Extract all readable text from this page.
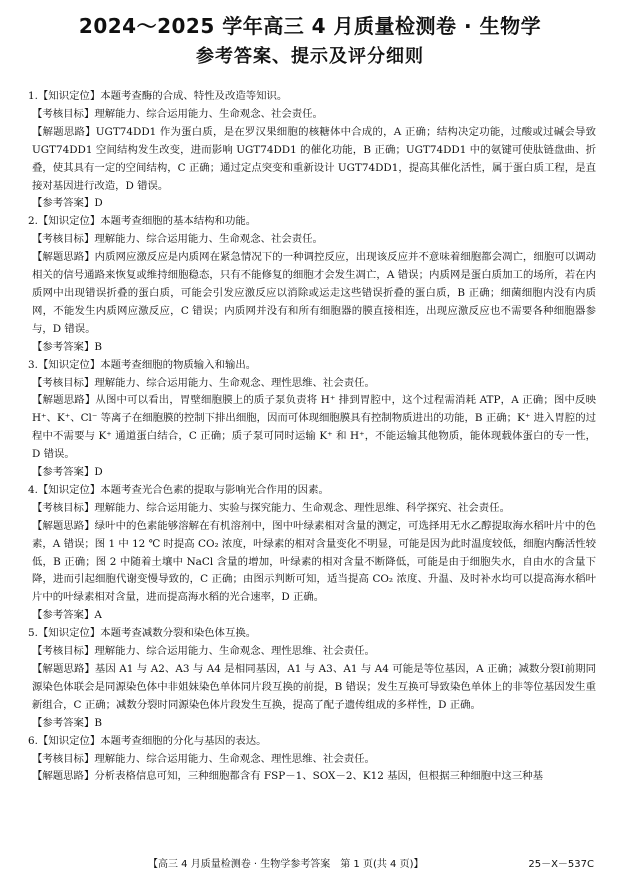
2024～2025 学年高三 4 月质量检测卷 · 生物学
参考答案、提示及评分细则

1.【知识定位】本题考查酶的合成、特性及改造等知识。

【考核目标】理解能力、综合运用能力、生命观念、社会责任。

【解题思路】UGT74DD1 作为蛋白质，是在罗汉果细胞的核糖体中合成的，A 正确；结构决定功能，过酸或过碱会导致 UGT74DD1 空间结构发生改变，进而影响 UGT74DD1 的催化功能，B 正确；UGT74DD1 中的氨键可使肽链盘曲、折叠，使其具有一定的空间结构，C 正确；通过定点突变和重新设计 UGT74DD1，提高其催化活性，属于蛋白质工程，是直接对基因进行改造，D 错误。

【参考答案】D

2.【知识定位】本题考查细胞的基本结构和功能。

【考核目标】理解能力、综合运用能力、生命观念、社会责任。

【解题思路】内质网应激反应是内质网在紧急情况下的一种调控反应，出现该反应并不意味着细胞都会凋亡，细胞可以调动相关的信号通路来恢复或维持细胞稳态，只有不能修复的细胞才会发生凋亡，A 错误；内质网是蛋白质加工的场所，若在内质网中出现错误折叠的蛋白质，可能会引发应激反应以消除或运走这些错误折叠的蛋白质，B 正确；细菌细胞内没有内质网，不能发生内质网应激反应，C 错误；内质网并没有和所有细胞器的膜直接相连，出现应激反应也不需要各种细胞器参与，D 错误。

【参考答案】B

3.【知识定位】本题考查细胞的物质输入和输出。

【考核目标】理解能力、综合运用能力、生命观念、理性思维、社会责任。

【解题思路】从图中可以看出，胃壁细胞膜上的质子泵负责将 H⁺ 排到胃腔中，这个过程需消耗 ATP，A 正确；图中反映 H⁺、K⁺、Cl⁻ 等离子在细胞膜的控制下排出细胞，因而可体现细胞膜具有控制物质进出的功能，B 正确；K⁺ 进入胃腔的过程中不需要与 K⁺ 通道蛋白结合，C 正确；质子泵可同时运输 K⁺ 和 H⁺，不能运输其他物质，能体现载体蛋白的专一性，D 错误。

【参考答案】D

4.【知识定位】本题考查光合色素的提取与影响光合作用的因素。

【考核目标】理解能力、综合运用能力、实验与探究能力、生命观念、理性思维、科学探究、社会责任。

【解题思路】绿叶中的色素能够溶解在有机溶剂中，图中叶绿素相对含量的测定，可选择用无水乙醇提取海水稻叶片中的色素，A 错误；图 1 中 12 ℃ 时提高 CO₂ 浓度，叶绿素的相对含量变化不明显，可能是因为此时温度较低，细胞内酶活性较低，B 正确；图 2 中随着土壤中 NaCl 含量的增加，叶绿素的相对含量不断降低，可能是由于细胞失水，自由水的含量下降，进而引起细胞代谢变慢导致的，C 正确；由图示判断可知，适当提高 CO₂ 浓度、升温、及时补水均可以提高海水稻叶片中的叶绿素相对含量，进而提高海水稻的光合速率，D 正确。

【参考答案】A

5.【知识定位】本题考查减数分裂和染色体互换。

【考核目标】理解能力、综合运用能力、生命观念、理性思维、社会责任。

【解题思路】基因 A1 与 A2、A3 与 A4 是相同基因，A1 与 A3、A1 与 A4 可能是等位基因，A 正确；减数分裂Ⅰ前期同源染色体联会是同源染色体中非姐妹染色单体同片段互换的前提，B 错误；发生互换可导致染色单体上的非等位基因发生重新组合，C 正确；减数分裂时同源染色体片段发生互换，提高了配子遗传组成的多样性，D 正确。

【参考答案】B

6.【知识定位】本题考查细胞的分化与基因的表达。

【考核目标】理解能力、综合运用能力、生命观念、理性思维、社会责任。

【解题思路】分析表格信息可知，三种细胞都含有 FSP－1、SOX－2、K12 基因，但根据三种细胞中这三种基

【高三 4 月质量检测卷 · 生物学参考答案　第 1 页(共 4 页)】	25－X－537C
